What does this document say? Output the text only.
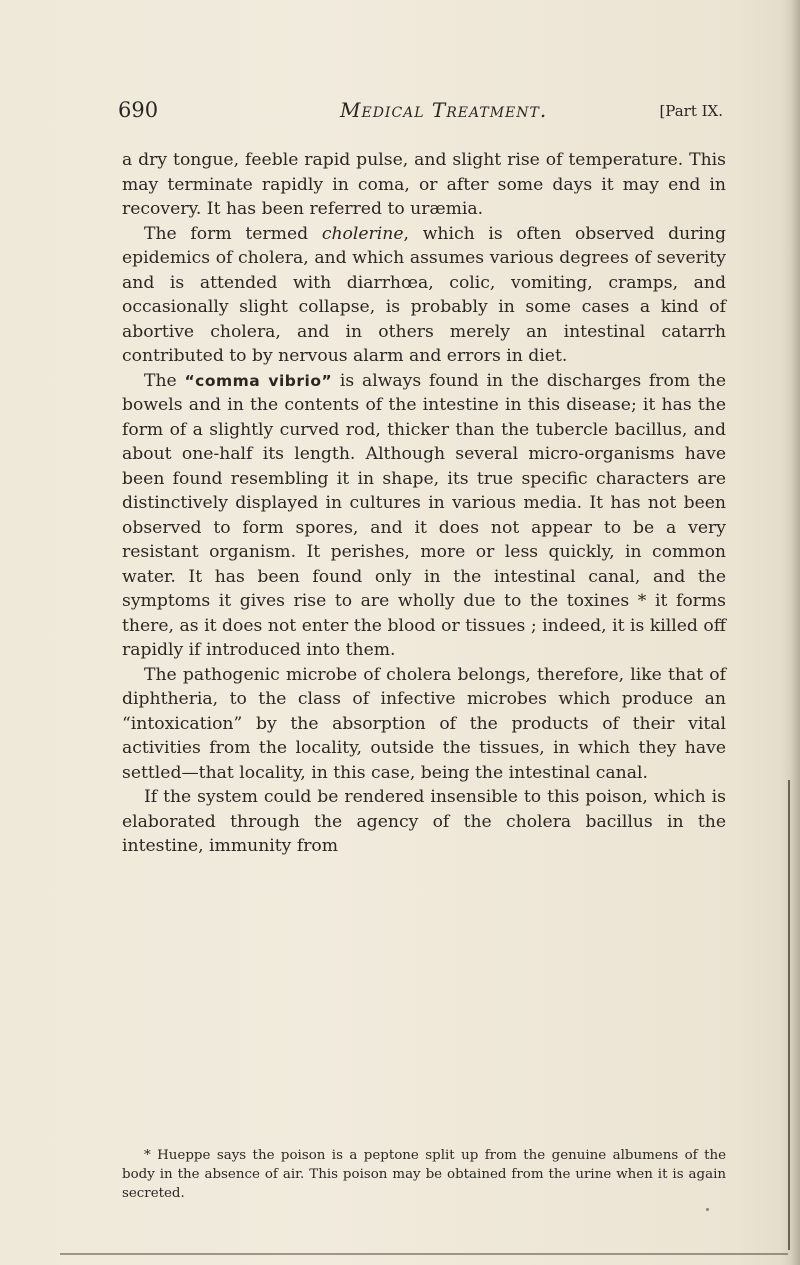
690	Medical Treatment.	[Part IX.

a dry tongue, feeble rapid pulse, and slight rise of temperature. This may terminate rapidly in coma, or after some days it may end in recovery. It has been referred to uræmia.

The form termed cholerine, which is often observed during epidemics of cholera, and which assumes various degrees of severity and is attended with diarrhœa, colic, vomiting, cramps, and occasionally slight collapse, is probably in some cases a kind of abortive cholera, and in others merely an intestinal catarrh contributed to by nervous alarm and errors in diet.

The “comma vibrio” is always found in the discharges from the bowels and in the contents of the intestine in this disease; it has the form of a slightly curved rod, thicker than the tubercle bacillus, and about one-half its length. Although several micro-organisms have been found resembling it in shape, its true specific characters are distinctively displayed in cultures in various media. It has not been observed to form spores, and it does not appear to be a very resistant organism. It perishes, more or less quickly, in common water. It has been found only in the intestinal canal, and the symptoms it gives rise to are wholly due to the toxines * it forms there, as it does not enter the blood or tissues ; indeed, it is killed off rapidly if introduced into them.

The pathogenic microbe of cholera belongs, therefore, like that of diphtheria, to the class of infective microbes which produce an “intoxication” by the absorption of the products of their vital activities from the locality, outside the tissues, in which they have settled—that locality, in this case, being the intestinal canal.

If the system could be rendered insensible to this poison, which is elaborated through the agency of the cholera bacillus in the intestine, immunity from

* Hueppe says the poison is a peptone split up from the genuine albumens of the body in the absence of air. This poison may be obtained from the urine when it is again secreted.
